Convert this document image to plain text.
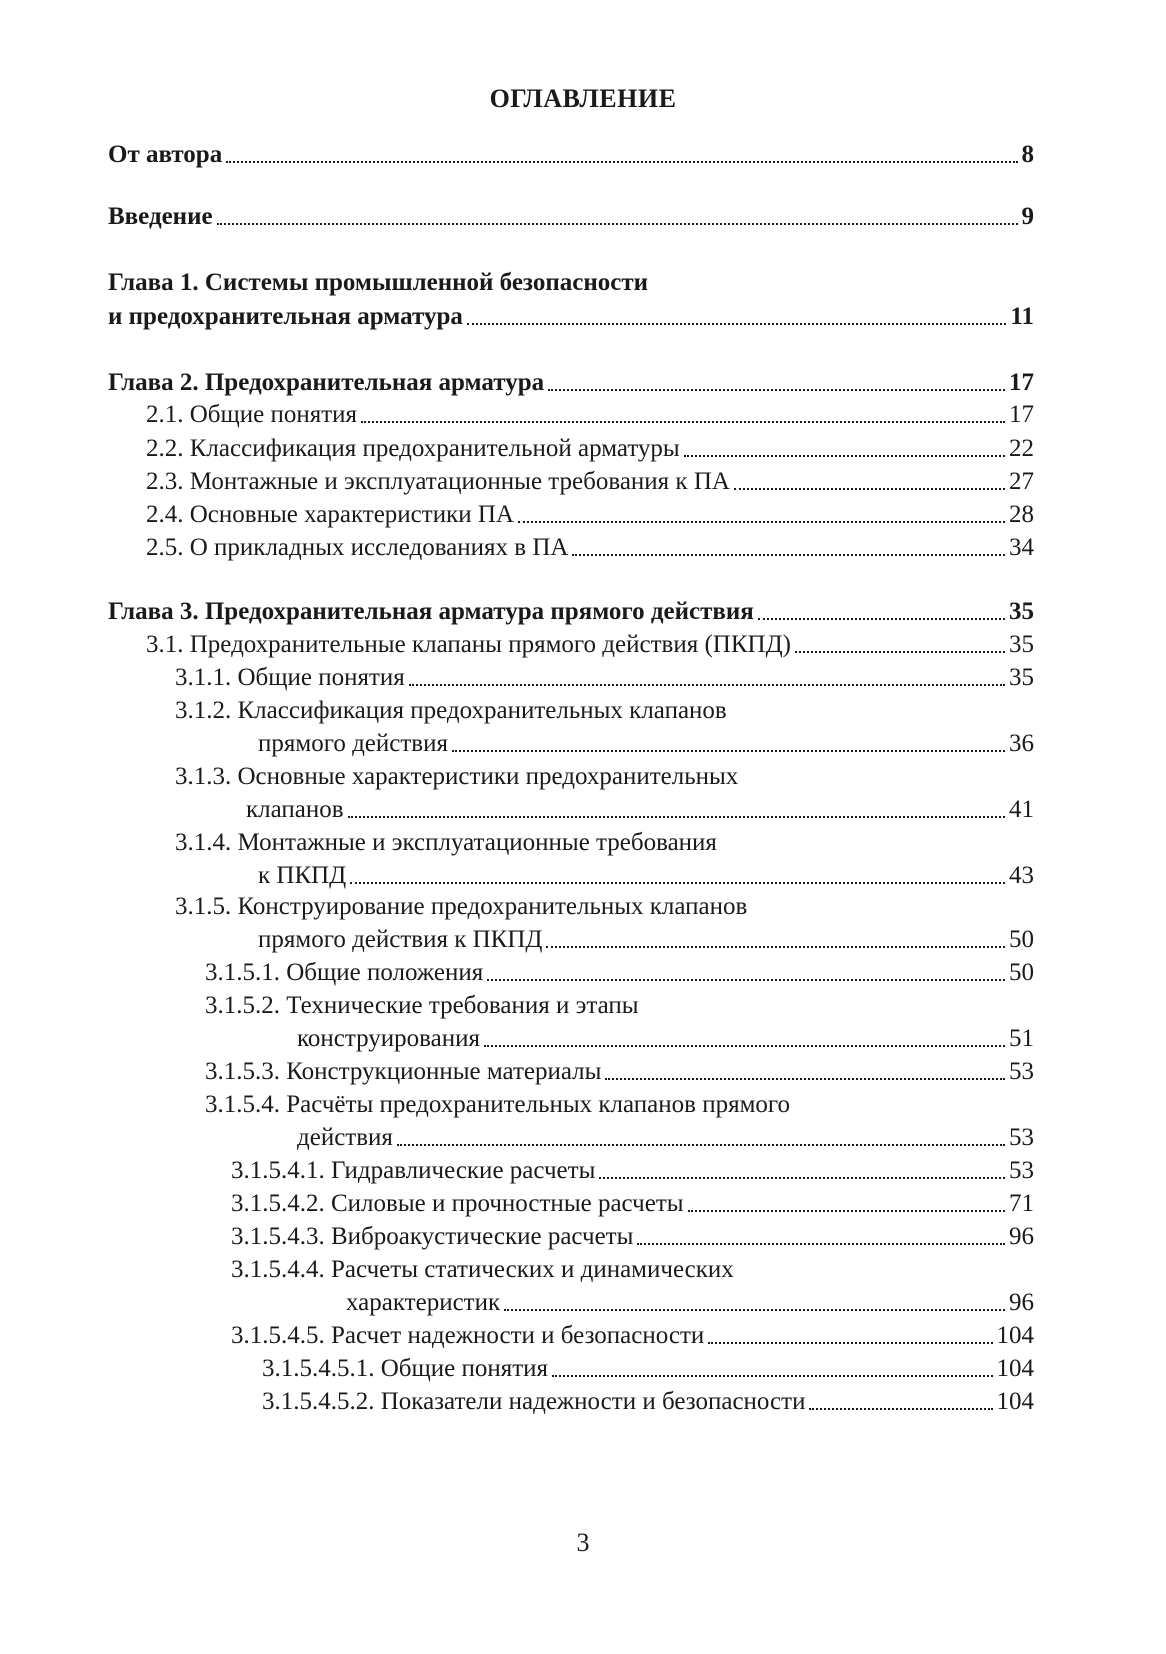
ОГЛАВЛЕНИЕ
От автора	8
Введение	9
Глава 1. Системы промышленной безопасности
и предохранительная арматура	11
Глава 2. Предохранительная арматура	17
2.1. Общие понятия	17
2.2. Классификация предохранительной арматуры	22
2.3. Монтажные и эксплуатационные требования к ПА	27
2.4. Основные характеристики ПА	28
2.5. О прикладных исследованиях в ПА	34
Глава 3. Предохранительная арматура прямого действия	35
3.1. Предохранительные клапаны прямого действия (ПКПД)	35
3.1.1. Общие понятия	35
3.1.2. Классификация предохранительных клапанов
прямого действия	36
3.1.3. Основные характеристики предохранительных
клапанов	41
3.1.4. Монтажные и эксплуатационные требования
к ПКПД	43
3.1.5. Конструирование предохранительных клапанов
прямого действия к ПКПД	50
3.1.5.1. Общие положения	50
3.1.5.2. Технические требования и этапы
конструирования	51
3.1.5.3. Конструкционные материалы	53
3.1.5.4. Расчёты предохранительных клапанов прямого
действия	53
3.1.5.4.1. Гидравлические расчеты	53
3.1.5.4.2. Силовые и прочностные расчеты	71
3.1.5.4.3. Виброакустические расчеты	96
3.1.5.4.4. Расчеты статических и динамических
характеристик	96
3.1.5.4.5. Расчет надежности и безопасности	104
3.1.5.4.5.1. Общие понятия	104
3.1.5.4.5.2. Показатели надежности и безопасности	104
3
